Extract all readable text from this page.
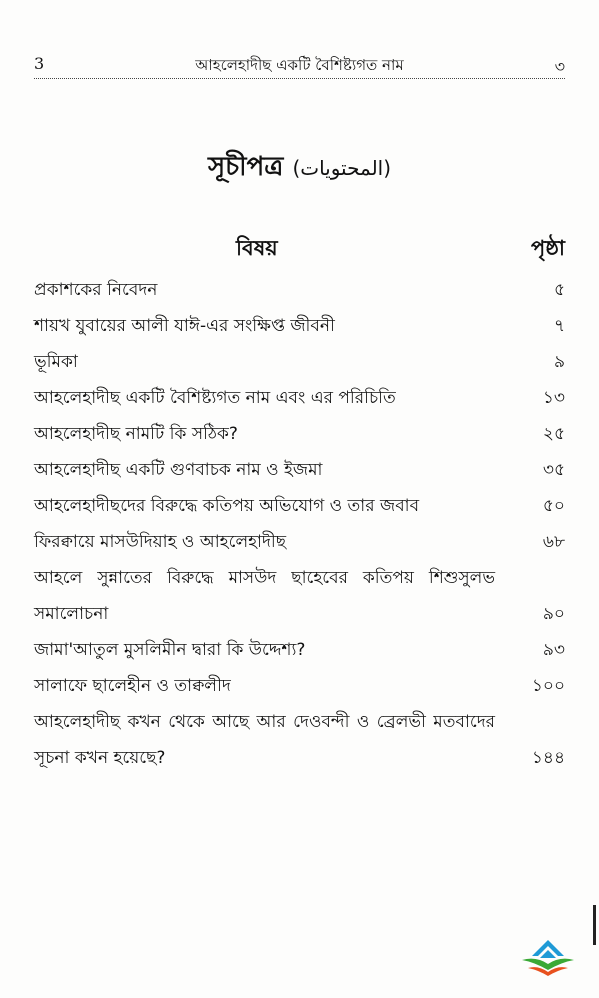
3	আহলেহাদীছ একটি বৈশিষ্ট্যগত নাম	৩
সূচীপত্র (المحتويات)
বিষয়	পৃষ্ঠা
প্রকাশকের নিবেদন	৫
শায়খ যুবায়ের আলী যাঈ-এর সংক্ষিপ্ত জীবনী	৭
ভূমিকা	৯
আহলেহাদীছ একটি বৈশিষ্ট্যগত নাম এবং এর পরিচিতি	১৩
আহলেহাদীছ নামটি কি সঠিক?	২৫
আহলেহাদীছ একটি গুণবাচক নাম ও ইজমা	৩৫
আহলেহাদীছদের বিরুদ্ধে কতিপয় অভিযোগ ও তার জবাব	৫০
ফিরক্বায়ে মাসউদিয়াহ ও আহলেহাদীছ	৬৮
আহলে সুন্নাতের বিরুদ্ধে মাসউদ ছাহেবের কতিপয় শিশুসুলভ সমালোচনা	৯০
জামা'আতুল মুসলিমীন দ্বারা কি উদ্দেশ্য?	৯৩
সালাফে ছালেহীন ও তাক্বলীদ	১০০
আহলেহাদীছ কখন থেকে আছে আর দেওবন্দী ও ব্রেলভী মতবাদের সূচনা কখন হয়েছে?	১৪৪
